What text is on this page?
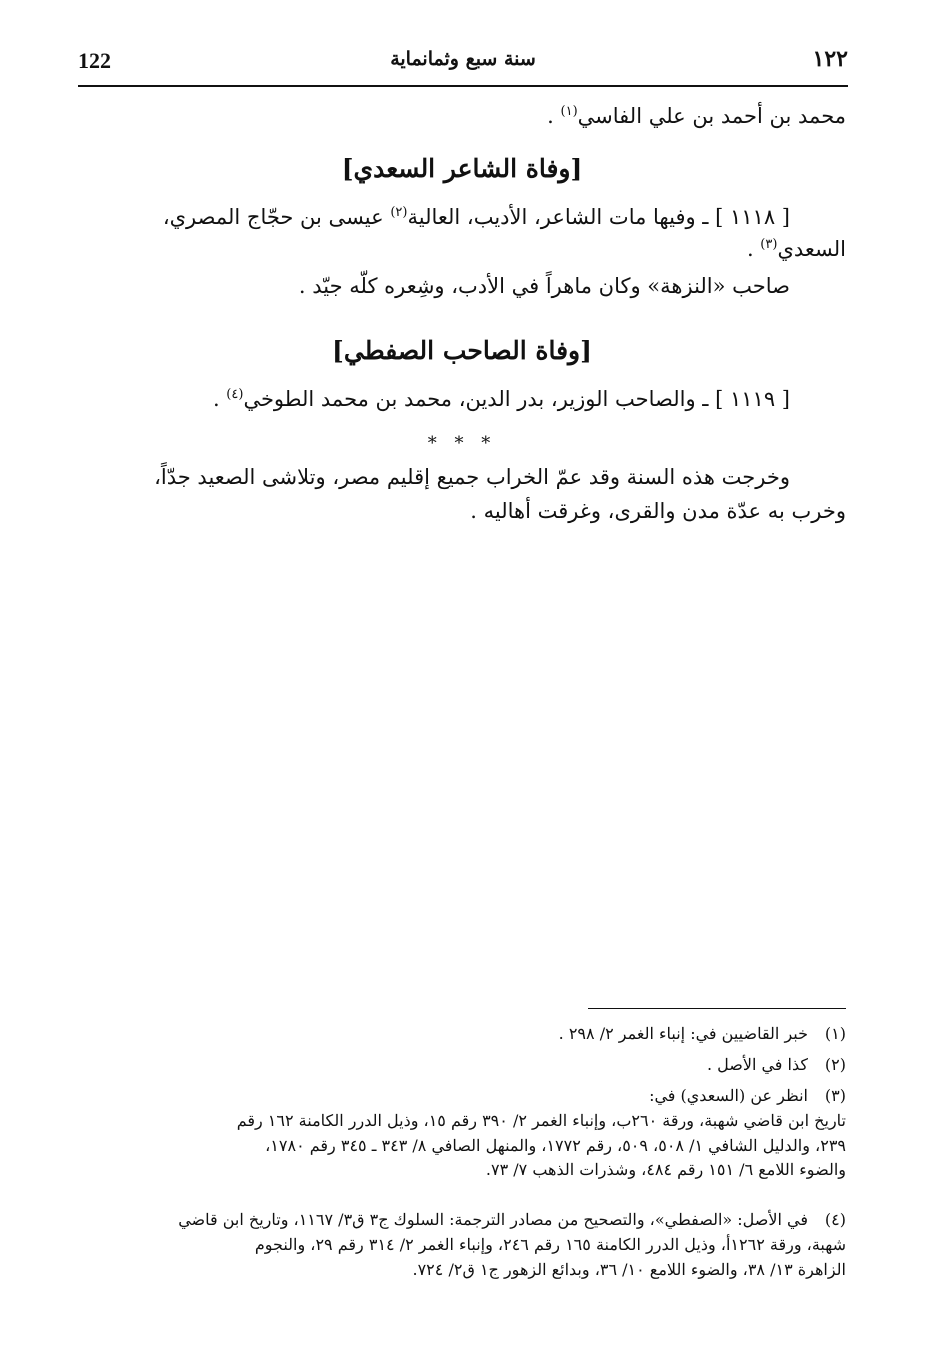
122	سنة سبع وثمانماية	١٢٢
محمد بن أحمد بن علي الفاسي$^{(١)}$ .
[وفاة الشاعر السعدي]
[ ١١١٨ ] ـ وفيها مات الشاعر، الأديب، العالية$^{(٢)}$ عيسى بن حجّاج المصري،
السعدي$^{(٣)}$ .
صاحب «النزهة» وكان ماهراً في الأدب، وشِعره كلّه جيّد .
[وفاة الصاحب الصفطي]
[ ١١١٩ ] ـ والصاحب الوزير، بدر الدين، محمد بن محمد الطوخي$^{(٤)}$ .
* * *
وخرجت هذه السنة وقد عمّ الخراب جميع إقليم مصر، وتلاشى الصعيد جدّاً،
وخرب به عدّة مدن والقرى، وغرقت أهاليه .
(١)خبر القاضيين في: إنباء الغمر ٢/ ٢٩٨ .
(٢)كذا في الأصل .
(٣)انظر عن (السعدي) في:
تاريخ ابن قاضي شهبة، ورقة ٢٦٠ب، وإنباء الغمر ٢/ ٣٩٠ رقم ١٥، وذيل الدرر الكامنة ١٦٢ رقم
٢٣٩، والدليل الشافي ١/ ٥٠٨، ٥٠٩، رقم ١٧٧٢، والمنهل الصافي ٨/ ٣٤٣ ـ ٣٤٥ رقم ١٧٨٠،
والضوء اللامع ٦/ ١٥١ رقم ٤٨٤، وشذرات الذهب ٧/ ٧٣.
(٤)في الأصل: «الصفطي»، والتصحيح من مصادر الترجمة: السلوك ج٣ ق٣/ ١١٦٧، وتاريخ ابن قاضي
شهبة، ورقة ١٢٦٢أ، وذيل الدرر الكامنة ١٦٥ رقم ٢٤٦، وإنباء الغمر ٢/ ٣١٤ رقم ٢٩، والنجوم
الزاهرة ١٣/ ٣٨، والضوء اللامع ١٠/ ٣٦، وبدائع الزهور ج١ ق٢/ ٧٢٤.
